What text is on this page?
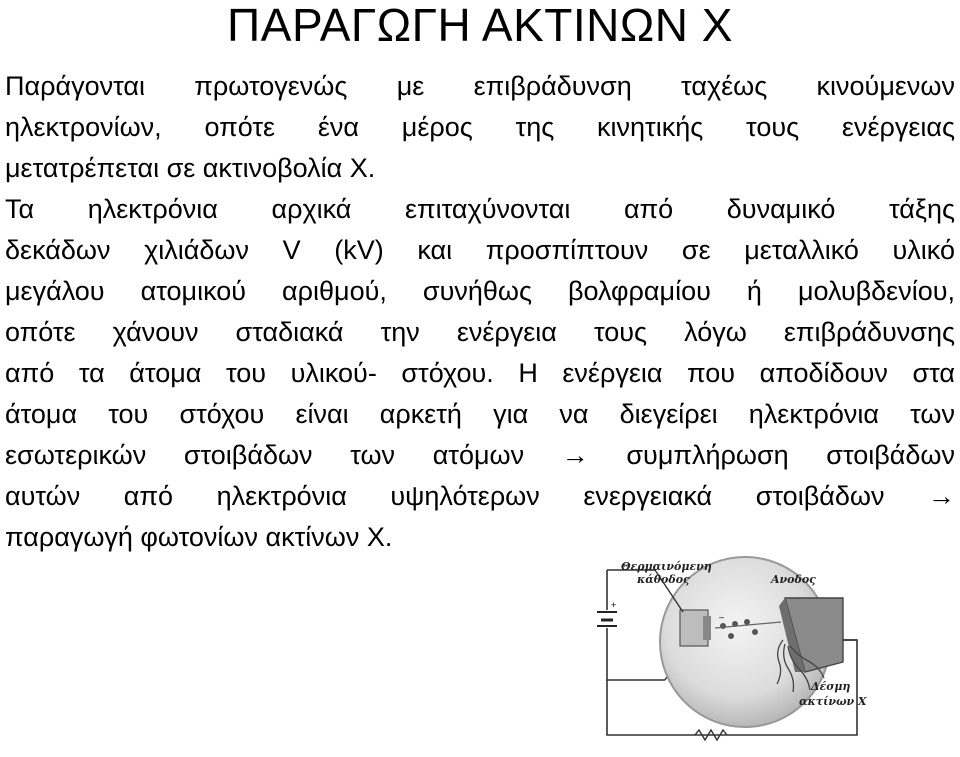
ΠΑΡΑΓΩΓΗ ΑΚΤΙΝΩΝ Χ
Παράγονται πρωτογενώς με επιβράδυνση ταχέως κινούμενων
ηλεκτρονίων, οπότε ένα μέρος της κινητικής τους ενέργειας
μετατρέπεται σε ακτινοβολία Χ.
Τα ηλεκτρόνια αρχικά επιταχύνονται από δυναμικό τάξης
δεκάδων χιλιάδων V (kV) και προσπίπτουν σε μεταλλικό υλικό
μεγάλου ατομικού αριθμού, συνήθως βολφραμίου ή μολυβδενίου,
οπότε χάνουν σταδιακά την ενέργεια τους λόγω επιβράδυνσης
από τα άτομα του υλικού- στόχου. Η ενέργεια που αποδίδουν στα
άτομα του στόχου είναι αρκετή για να διεγείρει ηλεκτρόνια των
εσωτερικών στοιβάδων των ατόμων → συμπλήρωση στοιβάδων
αυτών από ηλεκτρόνια υψηλότερων ενεργειακά στοιβάδων →
παραγωγή φωτονίων ακτίνων Χ.
+
–
Θερμαινόμενη
κάθοδος	Ανοδος
Δέσμη
ακτίνων Χ
